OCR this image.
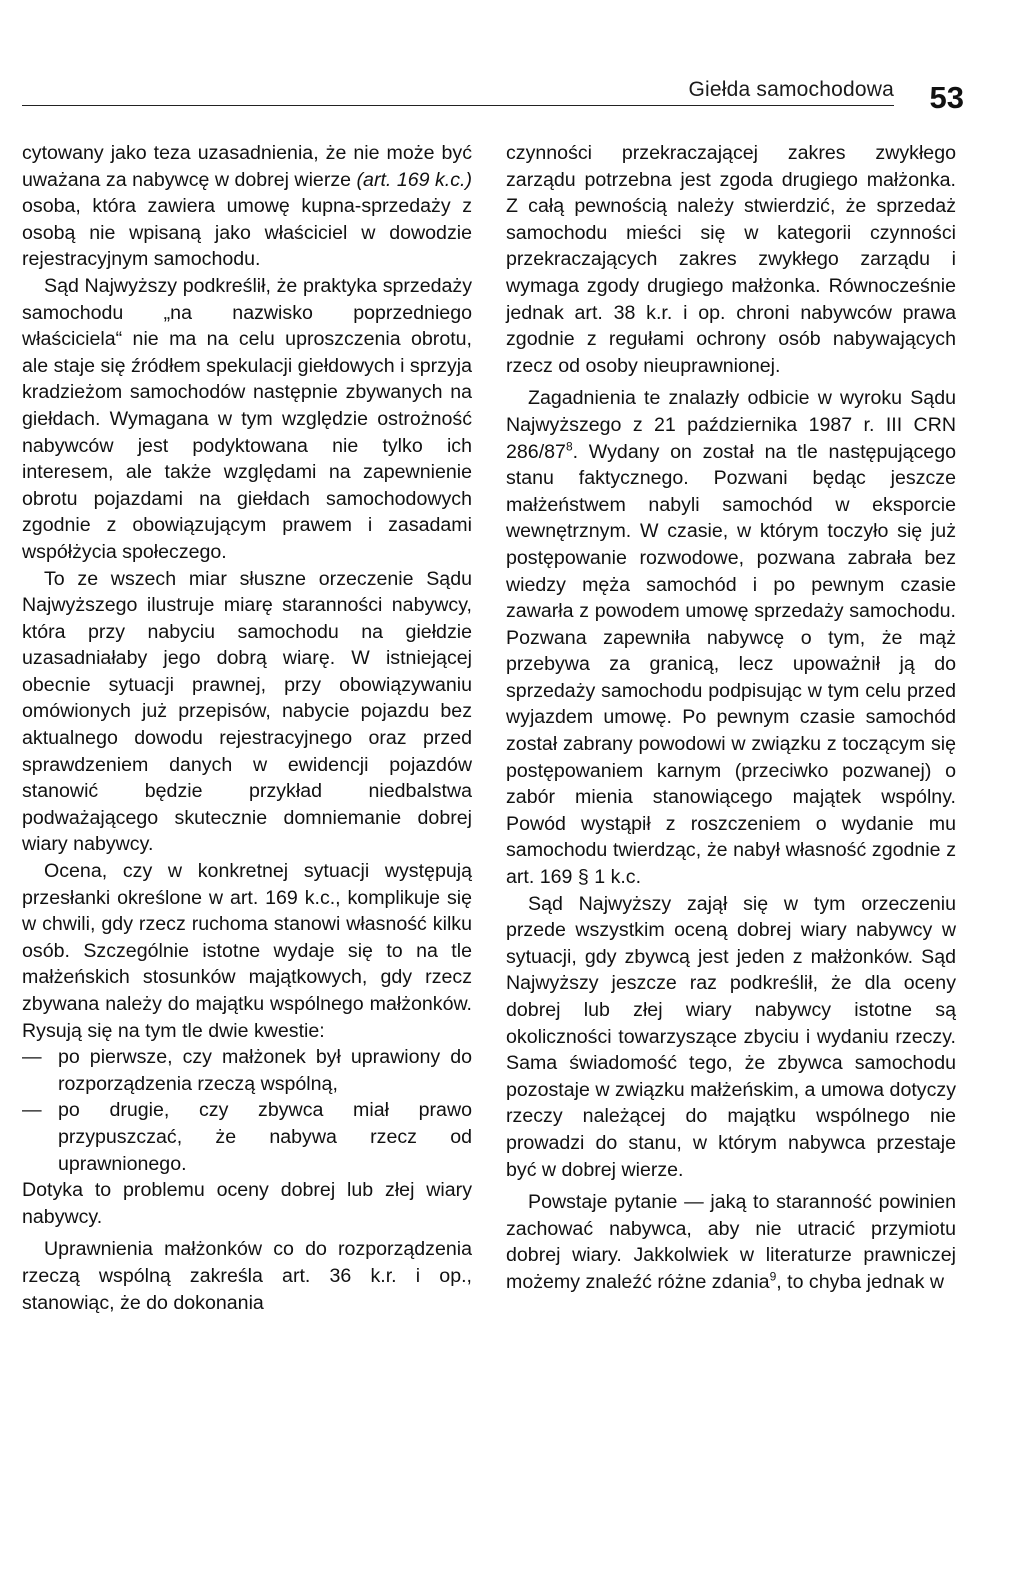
Giełda samochodowa 53

cytowany jako teza uzasadnienia, że nie może być uważana za nabywcę w dobrej wierze (art. 169 k.c.) osoba, która zawiera umowę kupna-sprzedaży z osobą nie wpisaną jako właściciel w dowodzie rejestracyjnym samochodu.

Sąd Najwyższy podkreślił, że praktyka sprzedaży samochodu „na nazwisko poprzedniego właściciela“ nie ma na celu uproszczenia obrotu, ale staje się źródłem spekulacji giełdowych i sprzyja kradzieżom samochodów następnie zbywanych na giełdach. Wymagana w tym względzie ostrożność nabywców jest podyktowana nie tylko ich interesem, ale także względami na zapewnienie obrotu pojazdami na giełdach samochodowych zgodnie z obowiązującym prawem i zasadami współżycia społeczego.

To ze wszech miar słuszne orzeczenie Sądu Najwyższego ilustruje miarę staranności nabywcy, która przy nabyciu samochodu na giełdzie uzasadniałaby jego dobrą wiarę. W istniejącej obecnie sytuacji prawnej, przy obowiązywaniu omówionych już przepisów, nabycie pojazdu bez aktualnego dowodu rejestracyjnego oraz przed sprawdzeniem danych w ewidencji pojazdów stanowić będzie przykład niedbalstwa podważającego skutecznie domniemanie dobrej wiary nabywcy.

Ocena, czy w konkretnej sytuacji występują przesłanki określone w art. 169 k.c., komplikuje się w chwili, gdy rzecz ruchoma stanowi własność kilku osób. Szczególnie istotne wydaje się to na tle małżeńskich stosunków majątkowych, gdy rzecz zbywana należy do majątku wspólnego małżonków. Rysują się na tym tle dwie kwestie:

— po pierwsze, czy małżonek był uprawiony do rozporządzenia rzeczą wspólną,

— po drugie, czy zbywca miał prawo przypuszczać, że nabywa rzecz od uprawnionego.

Dotyka to problemu oceny dobrej lub złej wiary nabywcy.

Uprawnienia małżonków co do rozporządzenia rzeczą wspólną zakreśla art. 36 k.r. i op., stanowiąc, że do dokonania

czynności przekraczającej zakres zwykłego zarządu potrzebna jest zgoda drugiego małżonka. Z całą pewnością należy stwierdzić, że sprzedaż samochodu mieści się w kategorii czynności przekraczających zakres zwykłego zarządu i wymaga zgody drugiego małżonka. Równocześnie jednak art. 38 k.r. i op. chroni nabywców prawa zgodnie z regułami ochrony osób nabywających rzecz od osoby nieuprawnionej.

Zagadnienia te znalazły odbicie w wyroku Sądu Najwyższego z 21 października 1987 r. III CRN $286/87^8$. Wydany on został na tle następującego stanu faktycznego. Pozwani będąc jeszcze małżeństwem nabyli samochód w eksporcie wewnętrznym. W czasie, w którym toczyło się już postępowanie rozwodowe, pozwana zabrała bez wiedzy męża samochód i po pewnym czasie zawarła z powodem umowę sprzedaży samochodu. Pozwana zapewniła nabywcę o tym, że mąż przebywa za granicą, lecz upoważnił ją do sprzedaży samochodu podpisując w tym celu przed wyjazdem umowę. Po pewnym czasie samochód został zabrany powodowi w związku z toczącym się postępowaniem karnym (przeciwko pozwanej) o zabór mienia stanowiącego majątek wspólny. Powód wystąpił z roszczeniem o wydanie mu samochodu twierdząc, że nabył własność zgodnie z art. 169 § 1 k.c.

Sąd Najwyższy zajął się w tym orzeczeniu przede wszystkim oceną dobrej wiary nabywcy w sytuacji, gdy zbywcą jest jeden z małżonków. Sąd Najwyższy jeszcze raz podkreślił, że dla oceny dobrej lub złej wiary nabywcy istotne są okoliczności towarzyszące zbyciu i wydaniu rzeczy. Sama świadomość tego, że zbywca samochodu pozostaje w związku małżeńskim, a umowa dotyczy rzeczy należącej do majątku wspólnego nie prowadzi do stanu, w którym nabywca przestaje być w dobrej wierze.

Powstaje pytanie — jaką to staranność powinien zachować nabywca, aby nie utracić przymiotu dobrej wiary. Jakkolwiek w literaturze prawniczej możemy znaleźć różne zdania$^9$, to chyba jednak w
